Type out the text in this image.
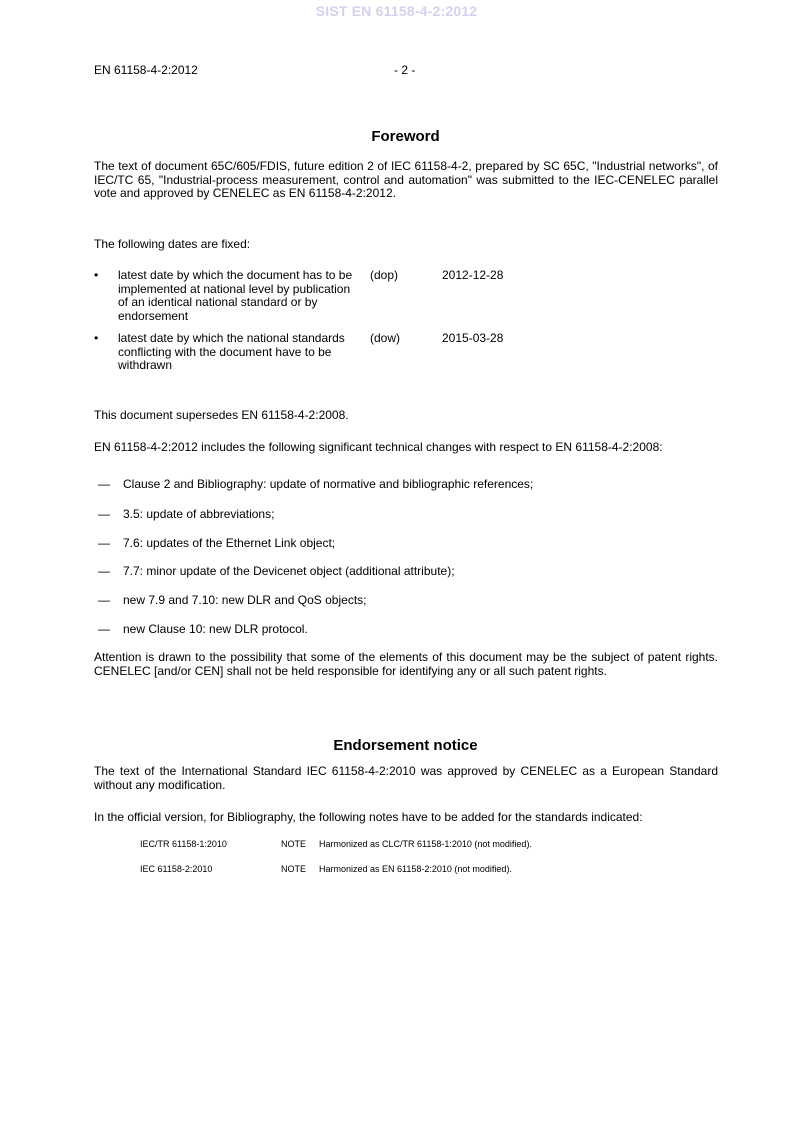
SIST EN 61158-4-2:2012
EN 61158-4-2:2012	- 2 -
Foreword
The text of document 65C/605/FDIS, future edition 2 of IEC 61158-4-2, prepared by SC 65C, "Industrial networks", of IEC/TC 65, "Industrial-process measurement, control and automation" was submitted to the IEC-CENELEC parallel vote and approved by CENELEC as EN 61158-4-2:2012.
The following dates are fixed:
• latest date by which the document has to be implemented at national level by publication of an identical national standard or by endorsement
(dop)	2012-12-28
• latest date by which the national standards conflicting with the document have to be withdrawn
(dow)	2015-03-28
This document supersedes EN 61158-4-2:2008.
EN 61158-4-2:2012 includes the following significant technical changes with respect to EN 61158-4-2:2008:
— Clause 2 and Bibliography: update of normative and bibliographic references;
— 3.5: update of abbreviations;
— 7.6: updates of the Ethernet Link object;
— 7.7: minor update of the Devicenet object (additional attribute);
— new 7.9 and 7.10: new DLR and QoS objects;
— new Clause 10: new DLR protocol.
Attention is drawn to the possibility that some of the elements of this document may be the subject of patent rights. CENELEC [and/or CEN] shall not be held responsible for identifying any or all such patent rights.
Endorsement notice
The text of the International Standard IEC 61158-4-2:2010 was approved by CENELEC as a European Standard without any modification.
In the official version, for Bibliography, the following notes have to be added for the standards indicated:
IEC/TR 61158-1:2010	NOTE Harmonized as CLC/TR 61158-1:2010 (not modified).
IEC 61158-2:2010	NOTE Harmonized as EN 61158-2:2010 (not modified).
